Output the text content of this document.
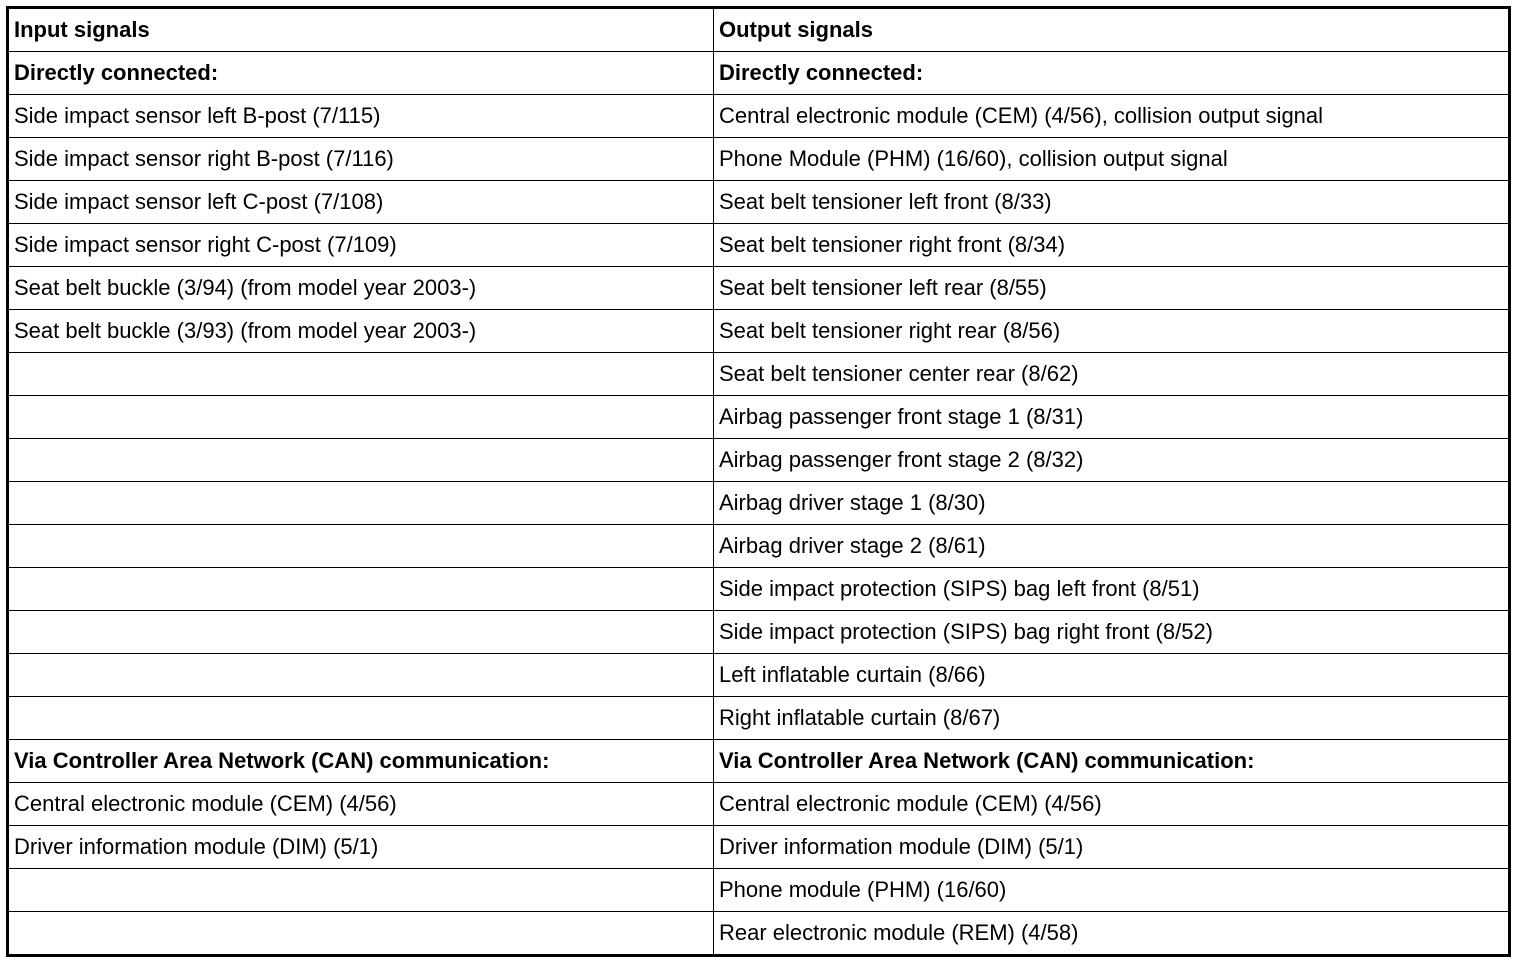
Input signals	Output signals
Directly connected:	Directly connected:
Side impact sensor left B-post (7/115)	Central electronic module (CEM) (4/56), collision output signal
Side impact sensor right B-post (7/116)	Phone Module (PHM) (16/60), collision output signal
Side impact sensor left C-post (7/108)	Seat belt tensioner left front (8/33)
Side impact sensor right C-post (7/109)	Seat belt tensioner right front (8/34)
Seat belt buckle (3/94) (from model year 2003-)	Seat belt tensioner left rear (8/55)
Seat belt buckle (3/93) (from model year 2003-)	Seat belt tensioner right rear (8/56)
	Seat belt tensioner center rear (8/62)
	Airbag passenger front stage 1 (8/31)
	Airbag passenger front stage 2 (8/32)
	Airbag driver stage 1 (8/30)
	Airbag driver stage 2 (8/61)
	Side impact protection (SIPS) bag left front (8/51)
	Side impact protection (SIPS) bag right front (8/52)
	Left inflatable curtain (8/66)
	Right inflatable curtain (8/67)
Via Controller Area Network (CAN) communication:	Via Controller Area Network (CAN) communication:
Central electronic module (CEM) (4/56)	Central electronic module (CEM) (4/56)
Driver information module (DIM) (5/1)	Driver information module (DIM) (5/1)
	Phone module (PHM) (16/60)
	Rear electronic module (REM) (4/58)
